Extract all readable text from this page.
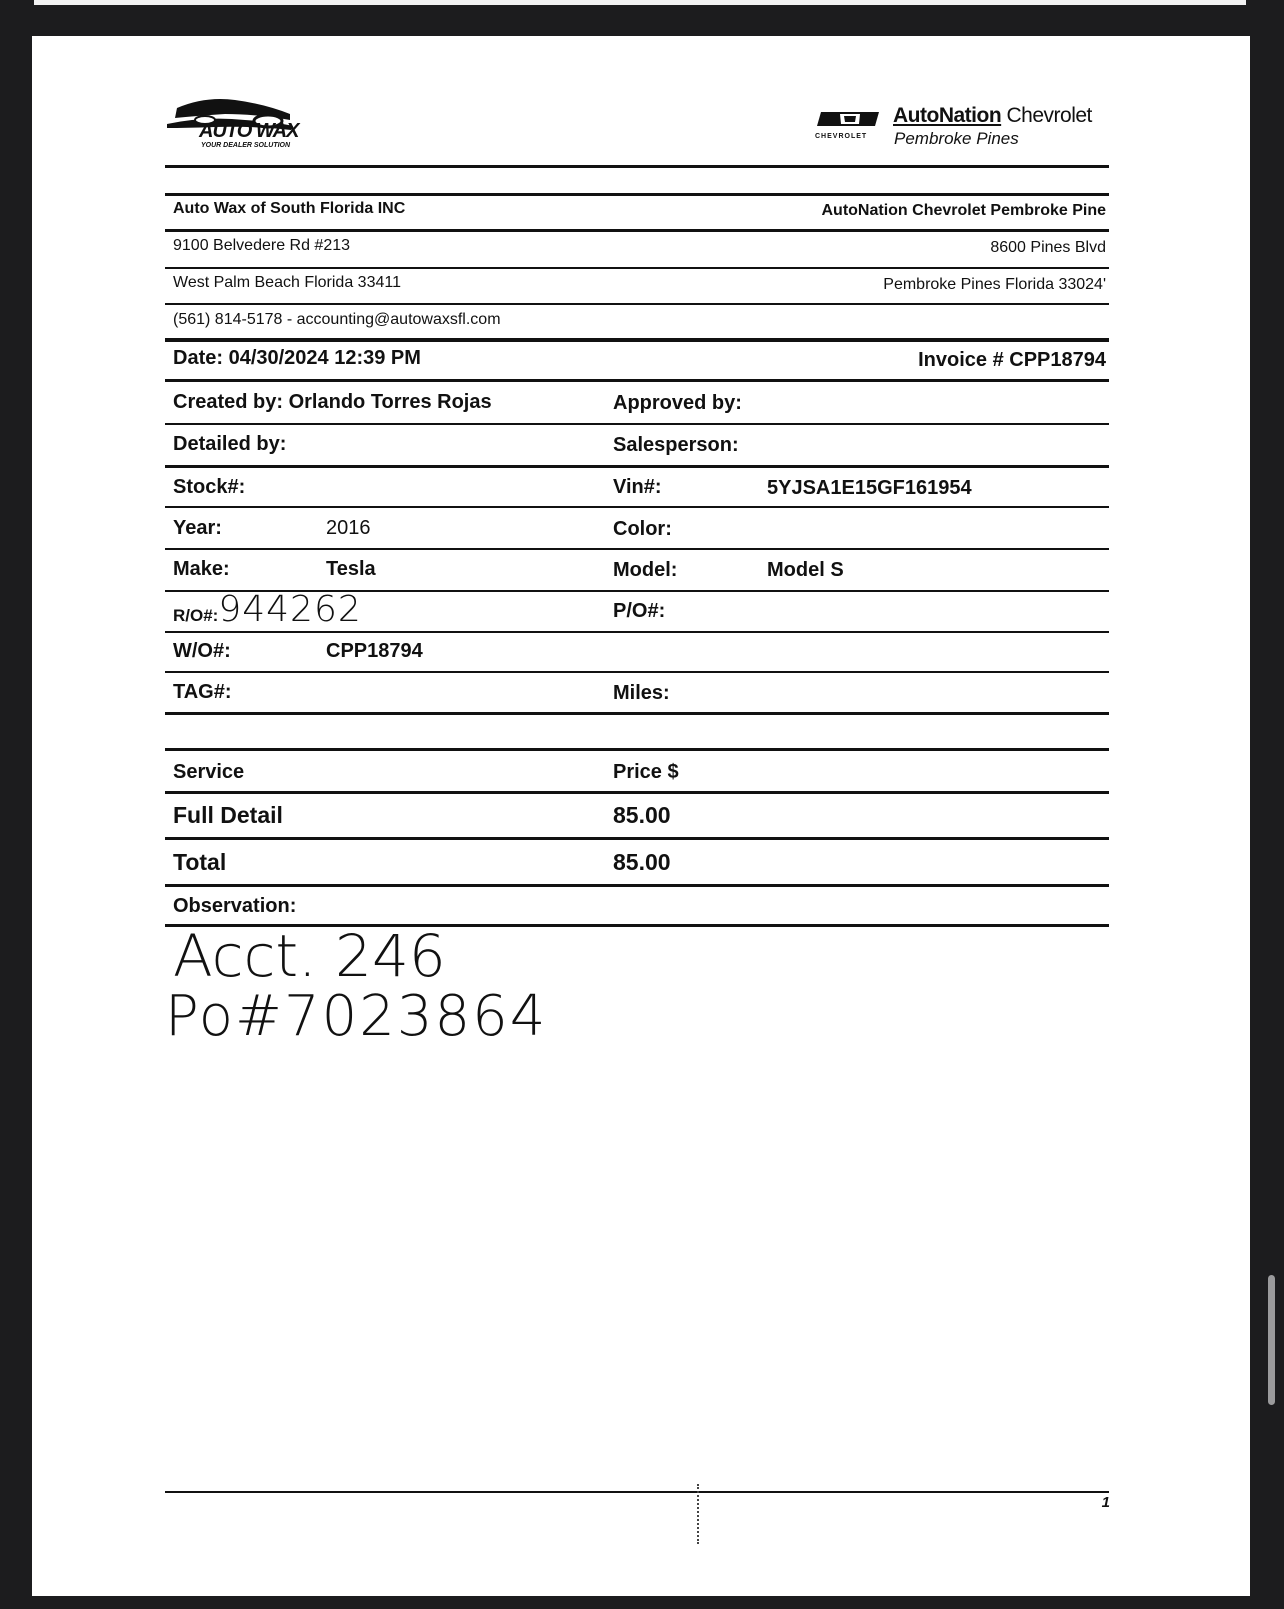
AUTO WAX
YOUR DEALER SOLUTION
CHEVROLET
AutoNation Chevrolet
Pembroke Pines
Auto Wax of South Florida INC	AutoNation Chevrolet Pembroke Pine
9100 Belvedere Rd #213	8600 Pines Blvd
West Palm Beach Florida 33411	Pembroke Pines Florida 33024'
(561) 814-5178 - accounting@autowaxsfl.com
Date: 04/30/2024 12:39 PM	Invoice # CPP18794
Created by: Orlando Torres Rojas	Approved by:
Detailed by:	Salesperson:
Stock#:	Vin#:	5YJSA1E15GF161954
Year:	2016	Color:
Make:	Tesla	Model:	Model S
R/O#:944262	P/O#:
W/O#:	CPP18794
TAG#:	Miles:
Service	Price $
Full Detail	85.00
Total	85.00
Observation:
Acct. 246
Po#7023864
1
